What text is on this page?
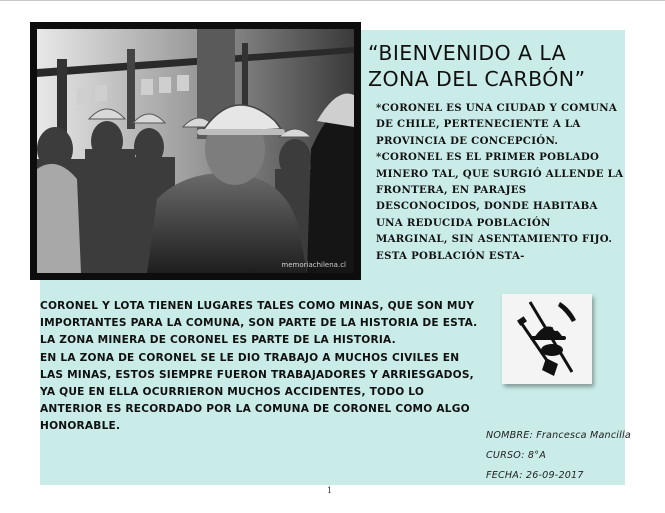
memoriachilena.cl
“BIENVENIDO A LA
ZONA DEL CARBÓN”

*CORONEL ES UNA CIUDAD Y COMUNA DE CHILE, PERTENECIENTE A LA PROVINCIA DE CONCEPCIÓN.

*CORONEL ES EL PRIMER POBLADO MINERO TAL, QUE SURGIÓ ALLENDE LA FRONTERA, EN PARAJES DESCONOCIDOS, DONDE HABITABA UNA REDUCIDA POBLACIÓN MARGINAL, SIN ASENTAMIENTO FIJO. ESTA POBLACIÓN ESTA-

CORONEL Y LOTA TIENEN LUGARES TALES COMO MINAS, QUE SON MUY IMPORTANTES PARA LA COMUNA, SON PARTE DE LA HISTORIA DE ESTA.

LA ZONA MINERA DE CORONEL ES PARTE DE LA HISTORIA.

EN LA ZONA DE CORONEL SE LE DIO TRABAJO A MUCHOS CIVILES EN LAS MINAS, ESTOS SIEMPRE FUERON TRABAJADORES Y ARRIESGADOS, YA QUE EN ELLA OCURRIERON MUCHOS ACCIDENTES, TODO LO ANTERIOR ES RECORDADO POR LA COMUNA DE CORONEL COMO ALGO HONORABLE.

NOMBRE: Francesca Mancilla
CURSO: 8°A
FECHA: 26-09-2017
1
